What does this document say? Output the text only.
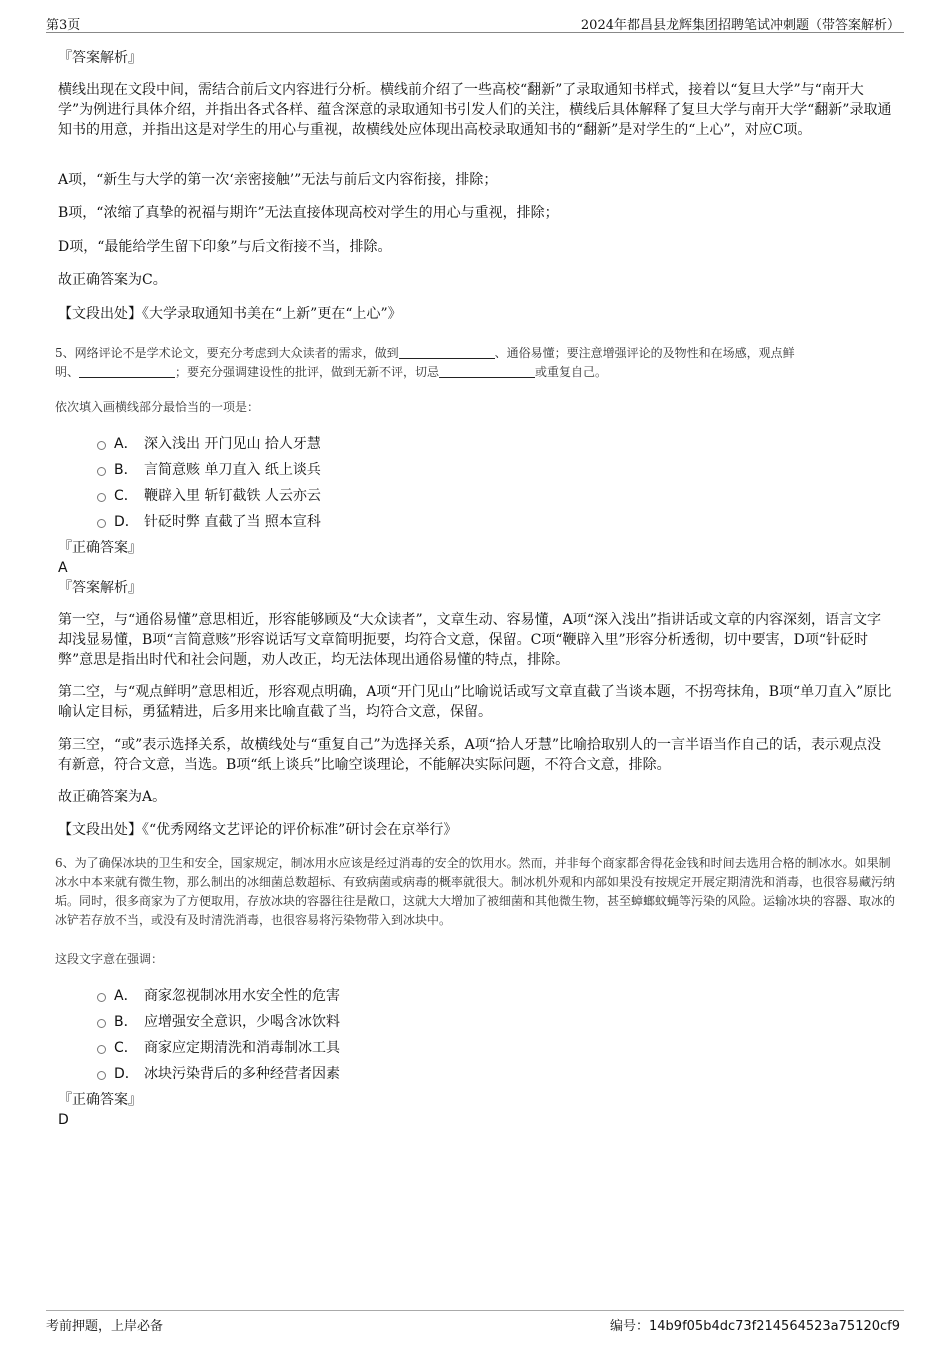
第3页	2024年都昌县龙辉集团招聘笔试冲刺题（带答案解析）
『答案解析』
横线出现在文段中间，需结合前后文内容进行分析。横线前介绍了一些高校“翻新”了录取通知书样式，接着以“复旦大学”与“南开大学”为例进行具体介绍，并指出各式各样、蕴含深意的录取通知书引发人们的关注，横线后具体解释了复旦大学与南开大学“翻新”录取通知书的用意，并指出这是对学生的用心与重视，故横线处应体现出高校录取通知书的“翻新”是对学生的“上心”，对应C项。
A项，“新生与大学的第一次‘亲密接触’”无法与前后文内容衔接，排除；
B项，“浓缩了真挚的祝福与期许”无法直接体现高校对学生的用心与重视，排除；
D项，“最能给学生留下印象”与后文衔接不当，排除。
故正确答案为C。
【文段出处】《大学录取通知书美在“上新”更在“上心”》
5、网络评论不是学术论文，要充分考虑到大众读者的需求，做到	、通俗易懂；要注意增强评论的及物性和在场感，观点鲜
明、	；要充分强调建设性的批评，做到无新不评，切忌	或重复自己。
依次填入画横线部分最恰当的一项是：
A． 深入浅出 开门见山 拾人牙慧
B． 言简意赅 单刀直入 纸上谈兵
C． 鞭辟入里 斩钉截铁 人云亦云
D． 针砭时弊 直截了当 照本宣科
『正确答案』
A
『答案解析』
第一空，与“通俗易懂”意思相近，形容能够顾及“大众读者”，文章生动、容易懂，A项“深入浅出”指讲话或文章的内容深刻，语言文字却浅显易懂，B项“言简意赅”形容说话写文章简明扼要，均符合文意，保留。C项“鞭辟入里”形容分析透彻，切中要害，D项“针砭时弊”意思是指出时代和社会问题，劝人改正，均无法体现出通俗易懂的特点，排除。
第二空，与“观点鲜明”意思相近，形容观点明确，A项“开门见山”比喻说话或写文章直截了当谈本题，不拐弯抹角，B项“单刀直入”原比喻认定目标，勇猛精进，后多用来比喻直截了当，均符合文意，保留。
第三空，“或”表示选择关系，故横线处与“重复自己”为选择关系，A项“拾人牙慧”比喻拾取别人的一言半语当作自己的话，表示观点没有新意，符合文意，当选。B项“纸上谈兵”比喻空谈理论，不能解决实际问题，不符合文意，排除。
故正确答案为A。
【文段出处】《“优秀网络文艺评论的评价标准”研讨会在京举行》
6、为了确保冰块的卫生和安全，国家规定，制冰用水应该是经过消毒的安全的饮用水。然而，并非每个商家都舍得花金钱和时间去选用合格的制冰水。如果制冰水中本来就有微生物，那么制出的冰细菌总数超标、有致病菌或病毒的概率就很大。制冰机外观和内部如果没有按规定开展定期清洗和消毒，也很容易藏污纳垢。同时，很多商家为了方便取用，存放冰块的容器往往是敞口，这就大大增加了被细菌和其他微生物，甚至蟑螂蚊蝇等污染的风险。运输冰块的容器、取冰的冰铲若存放不当，或没有及时清洗消毒，也很容易将污染物带入到冰块中。
这段文字意在强调：
A． 商家忽视制冰用水安全性的危害
B． 应增强安全意识，少喝含冰饮料
C． 商家应定期清洗和消毒制冰工具
D． 冰块污染背后的多种经营者因素
『正确答案』
D
考前押题，上岸必备	编号：14b9f05b4dc73f214564523a75120cf9
